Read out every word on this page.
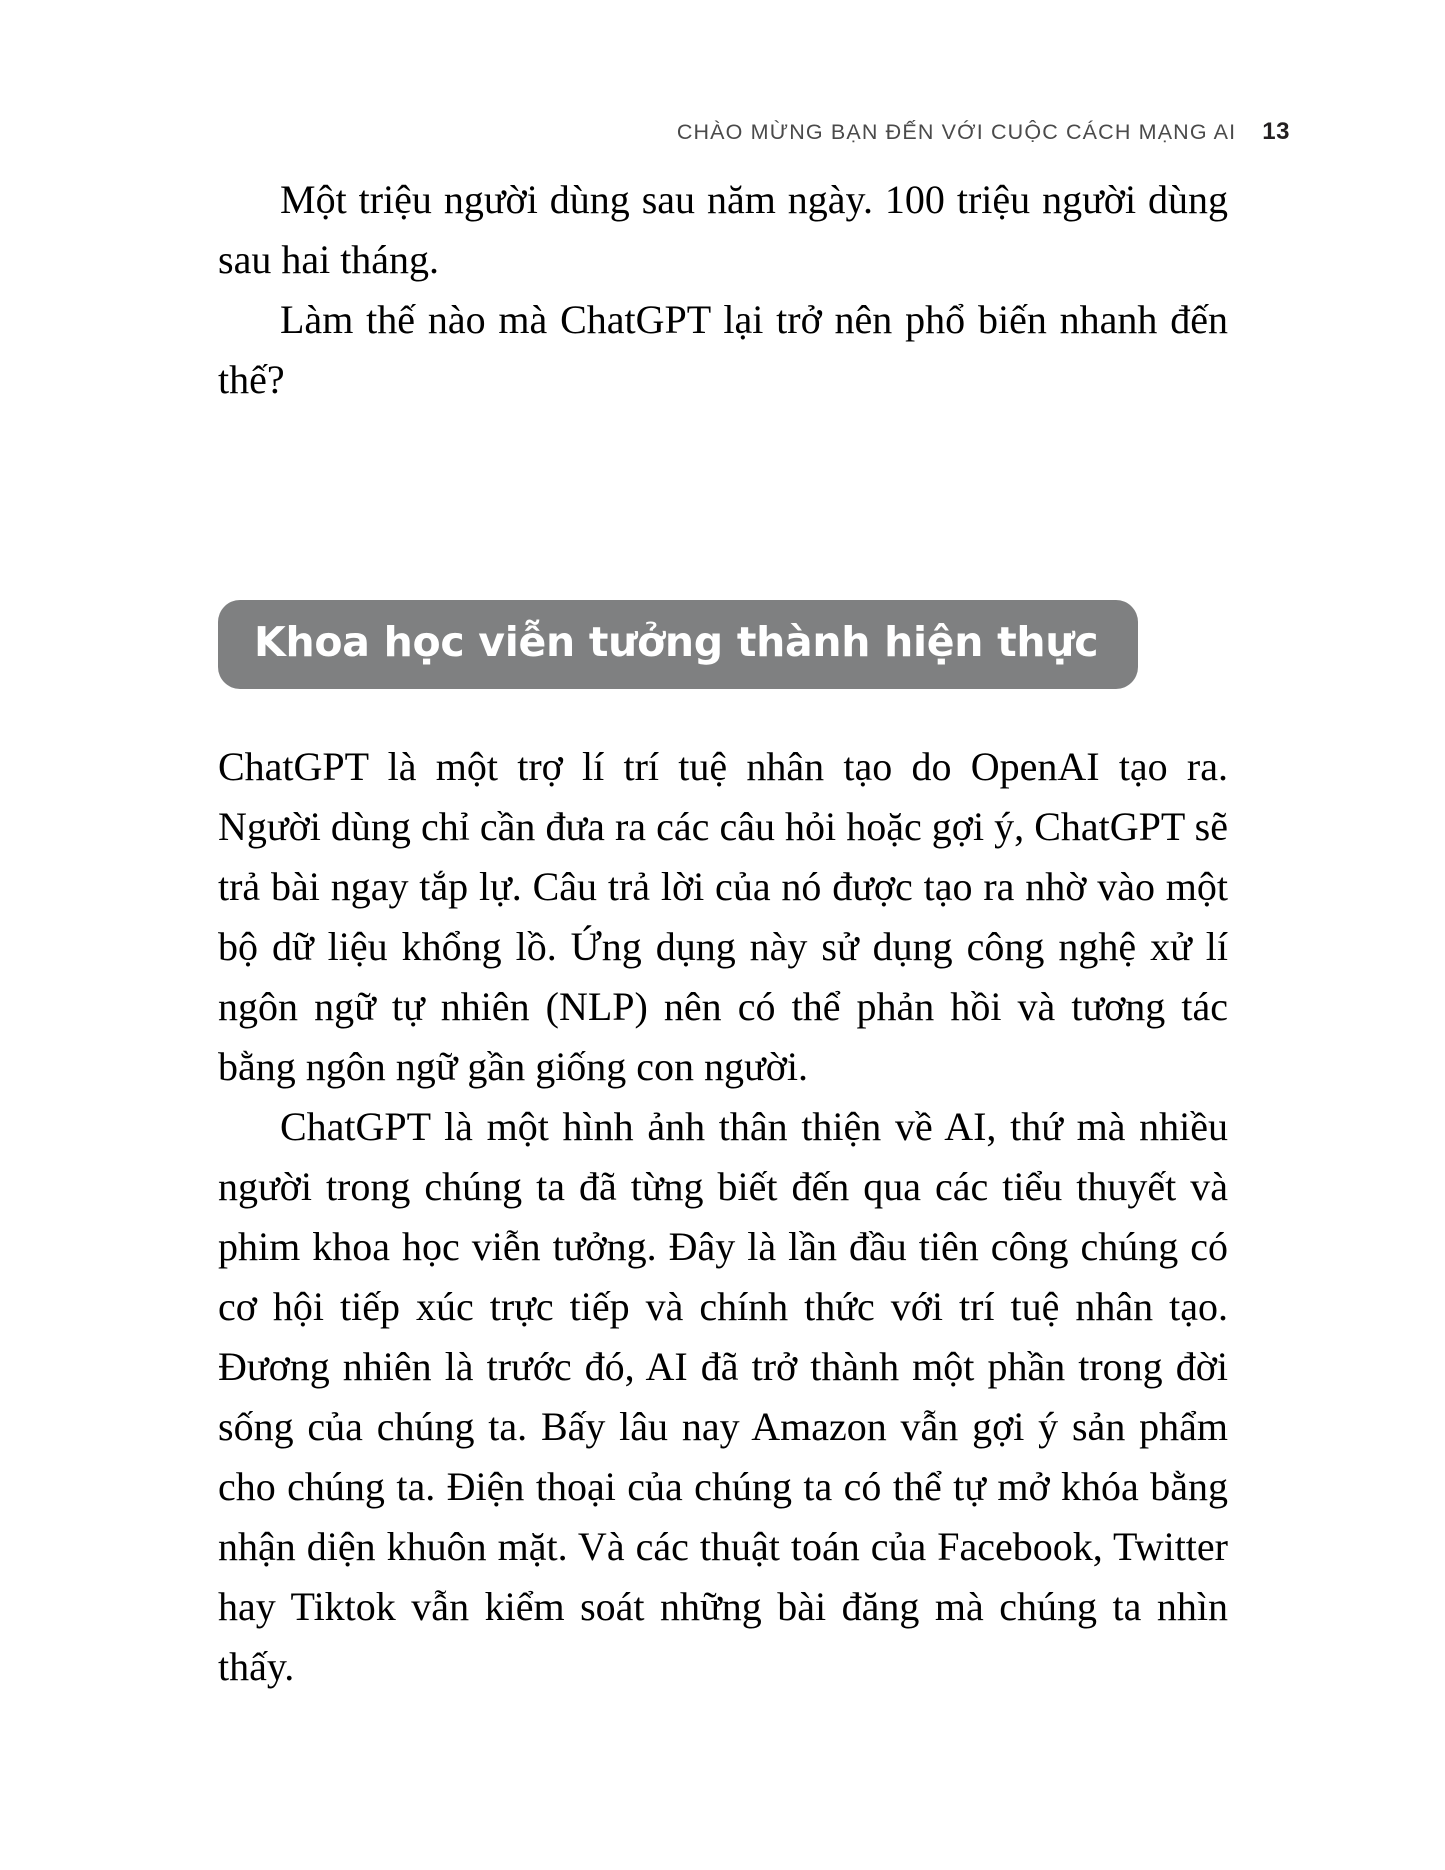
CHÀO MỪNG BẠN ĐẾN VỚI CUỘC CÁCH MẠNG AI 13

Một triệu người dùng sau năm ngày. 100 triệu người dùng sau hai tháng.

Làm thế nào mà ChatGPT lại trở nên phổ biến nhanh đến thế?

Khoa học viễn tưởng thành hiện thực

ChatGPT là một trợ lí trí tuệ nhân tạo do OpenAI tạo ra. Người dùng chỉ cần đưa ra các câu hỏi hoặc gợi ý, ChatGPT sẽ trả bài ngay tắp lự. Câu trả lời của nó được tạo ra nhờ vào một bộ dữ liệu khổng lồ. Ứng dụng này sử dụng công nghệ xử lí ngôn ngữ tự nhiên (NLP) nên có thể phản hồi và tương tác bằng ngôn ngữ gần giống con người.

ChatGPT là một hình ảnh thân thiện về AI, thứ mà nhiều người trong chúng ta đã từng biết đến qua các tiểu thuyết và phim khoa học viễn tưởng. Đây là lần đầu tiên công chúng có cơ hội tiếp xúc trực tiếp và chính thức với trí tuệ nhân tạo. Đương nhiên là trước đó, AI đã trở thành một phần trong đời sống của chúng ta. Bấy lâu nay Amazon vẫn gợi ý sản phẩm cho chúng ta. Điện thoại của chúng ta có thể tự mở khóa bằng nhận diện khuôn mặt. Và các thuật toán của Facebook, Twitter hay Tiktok vẫn kiểm soát những bài đăng mà chúng ta nhìn thấy.
